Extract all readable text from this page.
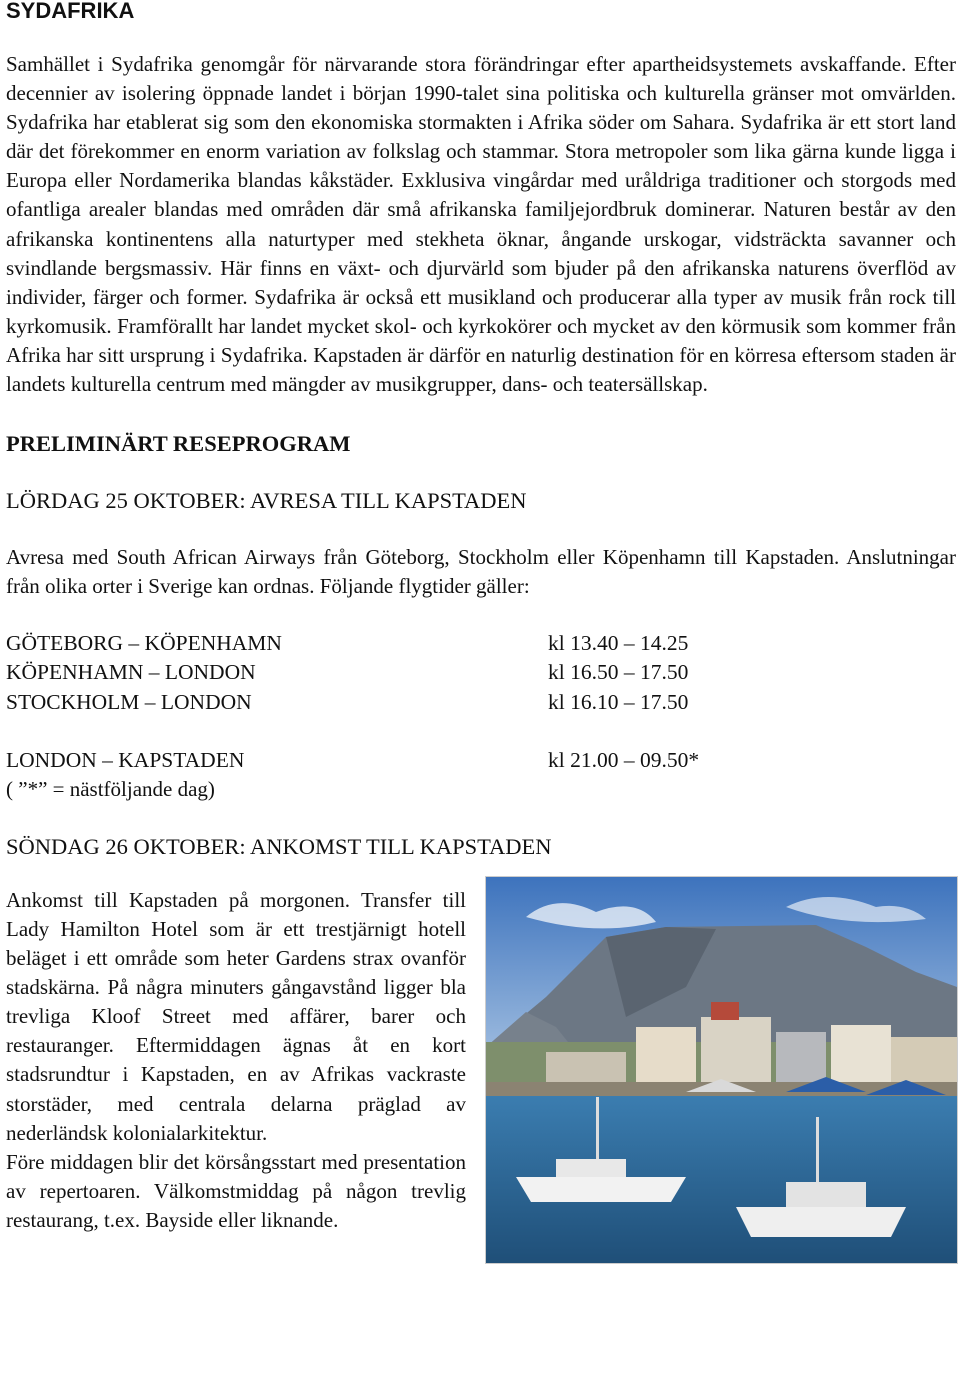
SYDAFRIKA

Samhället i Sydafrika genomgår för närvarande stora förändringar efter apartheidsystemets avskaffande. Efter decennier av isolering öppnade landet i början 1990-talet sina politiska och kulturella gränser mot omvärlden. Sydafrika har etablerat sig som den ekonomiska stormakten i Afrika söder om Sahara. Sydafrika är ett stort land där det förekommer en enorm variation av folkslag och stammar. Stora metropoler som lika gärna kunde ligga i Europa eller Nordamerika blandas kåkstäder. Exklusiva vingårdar med uråldriga traditioner och storgods med ofantliga arealer blandas med områden där små afrikanska familjejordbruk dominerar. Naturen består av den afrikanska kontinentens alla naturtyper med stekheta öknar, ångande urskogar, vidsträckta savanner och svindlande bergsmassiv. Här finns en växt- och djurvärld som bjuder på den afrikanska naturens överflöd av individer, färger och former. Sydafrika är också ett musikland och producerar alla typer av musik från rock till kyrkomusik. Framförallt har landet mycket skol- och kyrkokörer och mycket av den körmusik som kommer från Afrika har sitt ursprung i Sydafrika. Kapstaden är därför en naturlig destination för en körresa eftersom staden är landets kulturella centrum med mängder av musikgrupper, dans- och teatersällskap.

PRELIMINÄRT RESEPROGRAM
LÖRDAG 25 OKTOBER: AVRESA TILL KAPSTADEN

Avresa med South African Airways från Göteborg, Stockholm eller Köpenhamn till Kapstaden. Anslutningar från olika orter i Sverige kan ordnas. Följande flygtider gäller:

GÖTEBORG – KÖPENHAMN	kl 13.40 – 14.25
KÖPENHAMN – LONDON	kl 16.50 – 17.50
STOCKHOLM – LONDON	kl 16.10 – 17.50
LONDON – KAPSTADEN	kl 21.00 – 09.50*
( ”*” = nästföljande dag)
SÖNDAG 26 OKTOBER: ANKOMST TILL KAPSTADEN

Ankomst till Kapstaden på morgonen. Transfer till Lady Hamilton Hotel som är ett trestjärnigt hotell beläget i ett område som heter Gardens strax ovanför stadskärna. På några minuters gångavstånd ligger bla trevliga Kloof Street med affärer, barer och restauranger. Eftermiddagen ägnas åt en kort stadsrundtur i Kapstaden, en av Afrikas vackraste storstäder, med centrala delarna präglad av nederländsk kolonialarkitektur.

Före middagen blir det körsångsstart med presentation av repertoaren. Välkomstmiddag på någon trevlig restaurang, t.ex. Bayside eller liknande.
